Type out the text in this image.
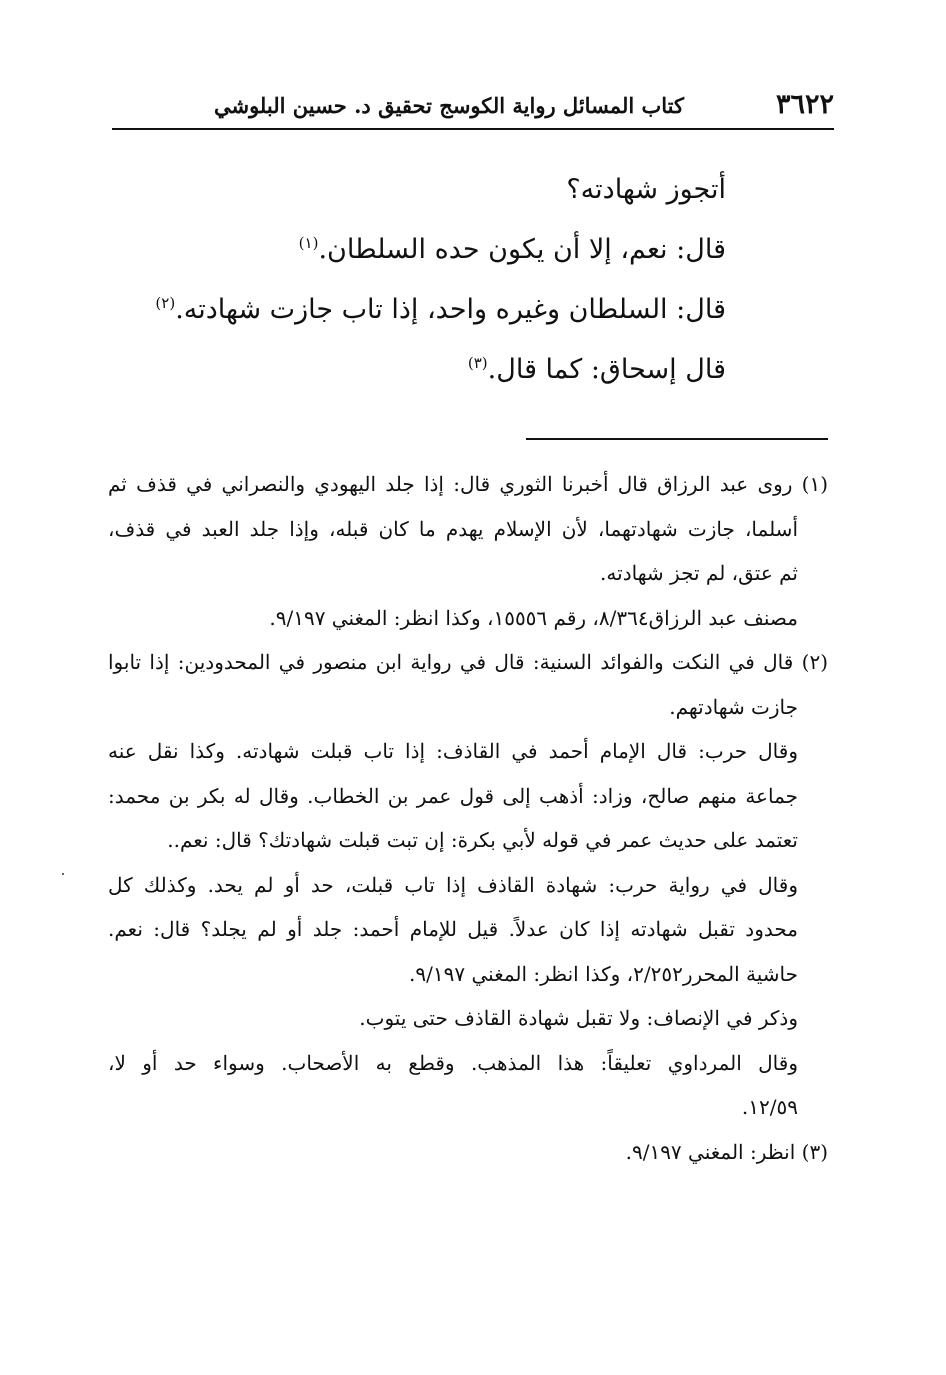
٣٦٢٢
كتاب المسائل رواية الكوسج تحقيق د. حسين البلوشي
أتجوز شهادته؟
قال: نعم، إلا أن يكون حده السلطان.$^{(١)}$
قال: السلطان وغيره واحد، إذا تاب جازت شهادته.$^{(٢)}$
قال إسحاق: كما قال.$^{(٣)}$
(١) روى عبد الرزاق قال أخبرنا الثوري قال: إذا جلد اليهودي والنصراني في قذف ثم
أسلما، جازت شهادتهما، لأن الإسلام يهدم ما كان قبله، وإذا جلد العبد في قذف،
ثم عتق، لم تجز شهادته.
مصنف عبد الرزاق٨/٣٦٤، رقم ١٥٥٥٦، وكذا انظر: المغني ٩/١٩٧.
(٢) قال في النكت والفوائد السنية: قال في رواية ابن منصور في المحدودين: إذا تابوا
جازت شهادتهم.
وقال حرب: قال الإمام أحمد في القاذف: إذا تاب قبلت شهادته. وكذا نقل عنه
جماعة منهم صالح، وزاد: أذهب إلى قول عمر بن الخطاب. وقال له بكر بن محمد:
تعتمد على حديث عمر في قوله لأبي بكرة: إن تبت قبلت شهادتك؟ قال: نعم..
وقال في رواية حرب: شهادة القاذف إذا تاب قبلت، حد أو لم يحد. وكذلك كل
محدود تقبل شهادته إذا كان عدلاً. قيل للإمام أحمد: جلد أو لم يجلد؟ قال: نعم.
حاشية المحرر٢/٢٥٢، وكذا انظر: المغني ٩/١٩٧.
وذكر في الإنصاف: ولا تقبل شهادة القاذف حتى يتوب.
وقال المرداوي تعليقاً: هذا المذهب. وقطع به الأصحاب. وسواء حد أو لا،
١٢/٥٩.
(٣) انظر: المغني ٩/١٩٧.
